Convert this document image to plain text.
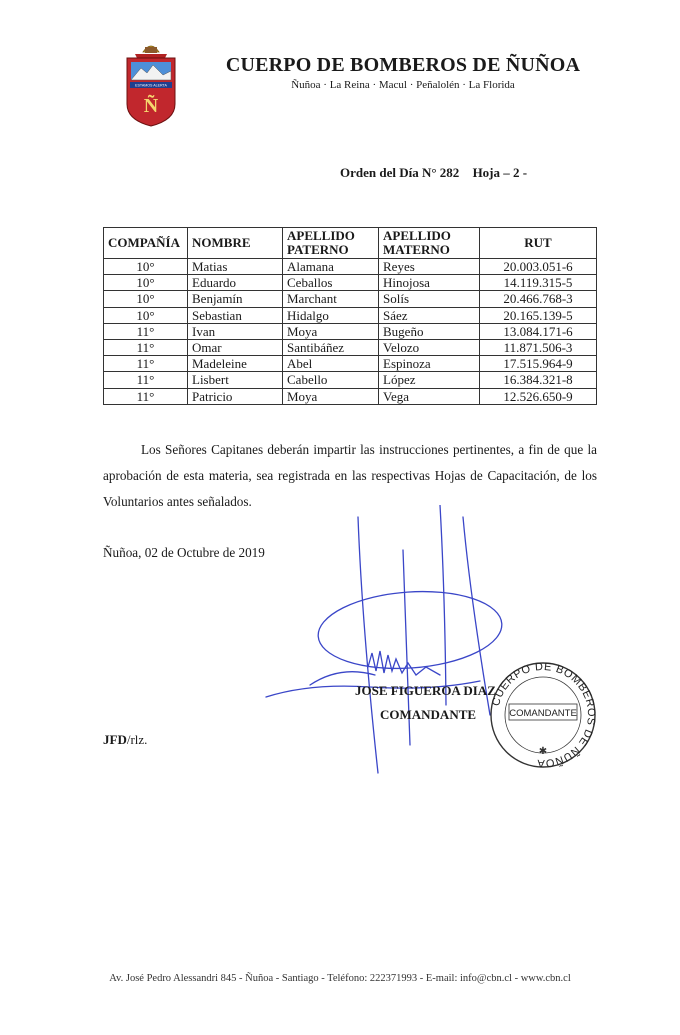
ESTAMOS ALERTA
Ñ
CUERPO DE BOMBEROS DE ÑUÑOA
Ñuñoa · La Reina · Macul · Peñalolén · La Florida
Orden del Día N° 282 Hoja – 2 -
COMPAÑÍA	NOMBRE	APELLIDO PATERNO	APELLIDO MATERNO	RUT
10°	Matias	Alamana	Reyes	20.003.051-6
10°	Eduardo	Ceballos	Hinojosa	14.119.315-5
10°	Benjamín	Marchant	Solís	20.466.768-3
10°	Sebastian	Hidalgo	Sáez	20.165.139-5
11°	Ivan	Moya	Bugeño	13.084.171-6
11°	Omar	Santibáñez	Velozo	11.871.506-3
11°	Madeleine	Abel	Espinoza	17.515.964-9
11°	Lisbert	Cabello	López	16.384.321-8
11°	Patricio	Moya	Vega	12.526.650-9
Los Señores Capitanes deberán impartir las instrucciones pertinentes, a fin de que la aprobación de esta materia, sea registrada en las respectivas Hojas de Capacitación, de los Voluntarios antes señalados.
Ñuñoa, 02 de Octubre de 2019
JOSE FIGUEROA DIAZ
COMANDANTE
CUERPO DE BOMBEROS DE ÑUÑOA
COMANDANTE
✱
JFD/rlz.
Av. José Pedro Alessandri 845 - Ñuñoa - Santiago - Teléfono: 222371993 - E-mail: info@cbn.cl - www.cbn.cl
